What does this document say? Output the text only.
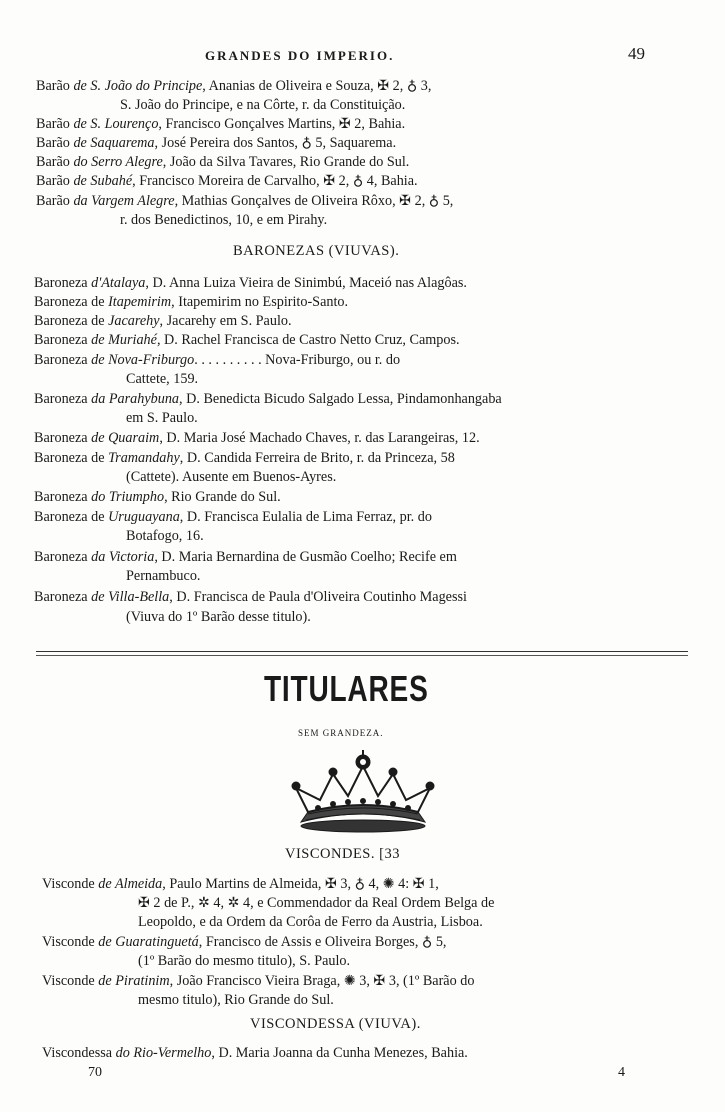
GRANDES DO IMPERIO.	49
Barão de S. João do Principe, Ananias de Oliveira e Souza, ✠ 2, ♁ 3,
S. João do Principe, e na Côrte, r. da Constituição.
Barão de S. Lourenço, Francisco Gonçalves Martins, ✠ 2, Bahia.
Barão de Saquarema, José Pereira dos Santos, ♁ 5, Saquarema.
Barão do Serro Alegre, João da Silva Tavares, Rio Grande do Sul.
Barão de Subahé, Francisco Moreira de Carvalho, ✠ 2, ♁ 4, Bahia.
Barão da Vargem Alegre, Mathias Gonçalves de Oliveira Rôxo, ✠ 2, ♁ 5,
r. dos Benedictinos, 10, e em Pirahy.
BARONEZAS (VIUVAS).
Baroneza d'Atalaya, D. Anna Luiza Vieira de Sinimbú, Maceió nas Alagôas.
Baroneza de Itapemirim, Itapemirim no Espirito-Santo.
Baroneza de Jacarehy, Jacarehy em S. Paulo.
Baroneza de Muriahé, D. Rachel Francisca de Castro Netto Cruz, Campos.
Baroneza de Nova-Friburgo. . . . . . . . . . Nova-Friburgo, ou r. do
Cattete, 159.
Baroneza da Parahybuna, D. Benedicta Bicudo Salgado Lessa, Pindamonhangaba
em S. Paulo.
Baroneza de Quaraim, D. Maria José Machado Chaves, r. das Larangeiras, 12.
Baroneza de Tramandahy, D. Candida Ferreira de Brito, r. da Princeza, 58
(Cattete). Ausente em Buenos-Ayres.
Baroneza do Triumpho, Rio Grande do Sul.
Baroneza de Uruguayana, D. Francisca Eulalia de Lima Ferraz, pr. do
Botafogo, 16.
Baroneza da Victoria, D. Maria Bernardina de Gusmão Coelho; Recife em
Pernambuco.
Baroneza de Villa-Bella, D. Francisca de Paula d'Oliveira Coutinho Magessi
(Viuva do 1º Barão desse titulo).
TITULARES
SEM GRANDEZA.
VISCONDES. [33
Visconde de Almeida, Paulo Martins de Almeida, ✠ 3, ♁ 4, ✺ 4: ✠ 1,
✠ 2 de P., ✲ 4, ✲ 4, e Commendador da Real Ordem Belga de
Leopoldo, e da Ordem da Corôa de Ferro da Austria, Lisboa.
Visconde de Guaratinguetá, Francisco de Assis e Oliveira Borges, ♁ 5,
(1º Barão do mesmo titulo), S. Paulo.
Visconde de Piratinim, João Francisco Vieira Braga, ✺ 3, ✠ 3, (1º Barão do
mesmo titulo), Rio Grande do Sul.
VISCONDESSA (VIUVA).
Viscondessa do Rio-Vermelho, D. Maria Joanna da Cunha Menezes, Bahia.
70	4
